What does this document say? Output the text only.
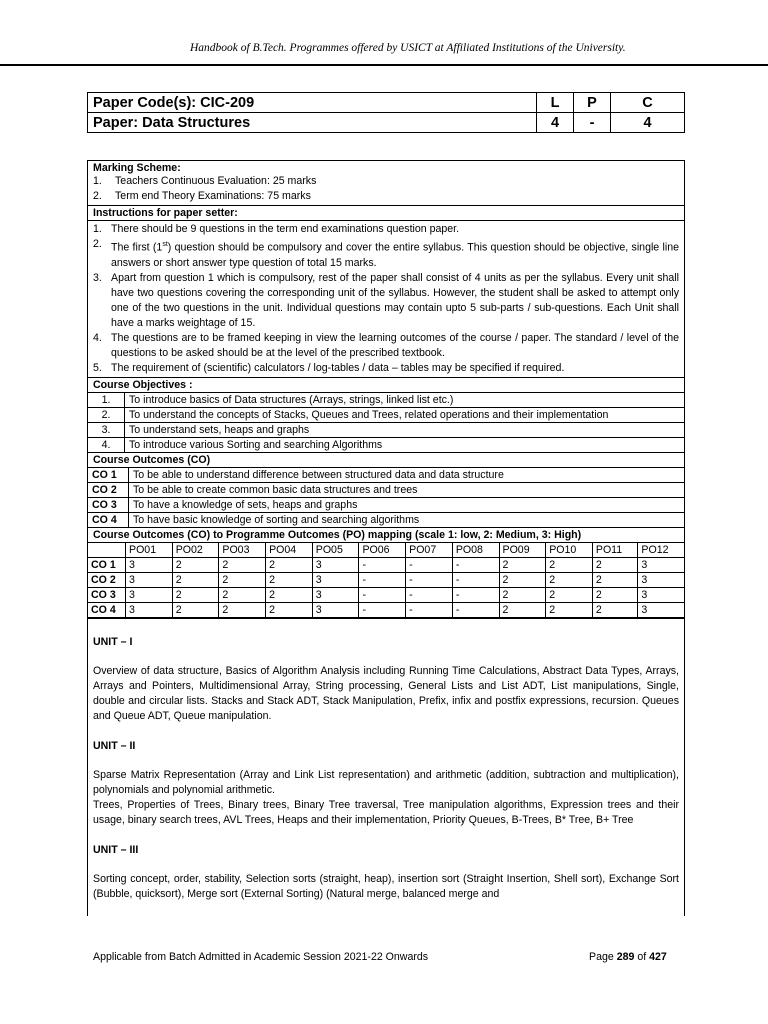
Handbook of B.Tech. Programmes offered by USICT at Affiliated Institutions of the University.
Paper Code(s): CIC-209	L	P	C
Paper: Data Structures	4	-	4
Marking Scheme:
1.	Teachers Continuous Evaluation: 25 marks
2.	Term end Theory Examinations: 75 marks
Instructions for paper setter:
1. There should be 9 questions in the term end examinations question paper.
2. The first (1st) question should be compulsory and cover the entire syllabus. This question should be objective, single line answers or short answer type question of total 15 marks.
3. Apart from question 1 which is compulsory, rest of the paper shall consist of 4 units as per the syllabus. Every unit shall have two questions covering the corresponding unit of the syllabus. However, the student shall be asked to attempt only one of the two questions in the unit. Individual questions may contain upto 5 sub-parts / sub-questions. Each Unit shall have a marks weightage of 15.
4. The questions are to be framed keeping in view the learning outcomes of the course / paper. The standard / level of the questions to be asked should be at the level of the prescribed textbook.
5. The requirement of (scientific) calculators / log-tables / data – tables may be specified if required.
Course Objectives :
1.	To introduce basics of Data structures (Arrays, strings, linked list etc.)
2.	To understand the concepts of Stacks, Queues and Trees, related operations and their implementation
3.	To understand sets, heaps and graphs
4.	To introduce various Sorting and searching Algorithms
Course Outcomes (CO)
CO 1	To be able to understand difference between structured data and data structure
CO 2	To be able to create common basic data structures and trees
CO 3	To have a knowledge of sets, heaps and graphs
CO 4	To have basic knowledge of sorting and searching algorithms
Course Outcomes (CO) to Programme Outcomes (PO) mapping (scale 1: low, 2: Medium, 3: High)
	PO01	PO02	PO03	PO04	PO05	PO06	PO07	PO08	PO09	PO10	PO11	PO12
CO 1	3	2	2	2	3	-	-	-	2	2	2	3
CO 2	3	2	2	2	3	-	-	-	2	2	2	3
CO 3	3	2	2	2	3	-	-	-	2	2	2	3
CO 4	3	2	2	2	3	-	-	-	2	2	2	3

UNIT – I

Overview of data structure, Basics of Algorithm Analysis including Running Time Calculations, Abstract Data Types, Arrays, Arrays and Pointers, Multidimensional Array, String processing, General Lists and List ADT, List manipulations, Single, double and circular lists. Stacks and Stack ADT, Stack Manipulation, Prefix, infix and postfix expressions, recursion. Queues and Queue ADT, Queue manipulation.

UNIT – II

Sparse Matrix Representation (Array and Link List representation) and arithmetic (addition, subtraction and multiplication), polynomials and polynomial arithmetic.

Trees, Properties of Trees, Binary trees, Binary Tree traversal, Tree manipulation algorithms, Expression trees and their usage, binary search trees, AVL Trees, Heaps and their implementation, Priority Queues, B-Trees, B* Tree, B+ Tree

UNIT – III

Sorting concept, order, stability, Selection sorts (straight, heap), insertion sort (Straight Insertion, Shell sort), Exchange Sort (Bubble, quicksort), Merge sort (External Sorting) (Natural merge, balanced merge and

Applicable from Batch Admitted in Academic Session 2021-22 Onwards	Page 289 of 427
